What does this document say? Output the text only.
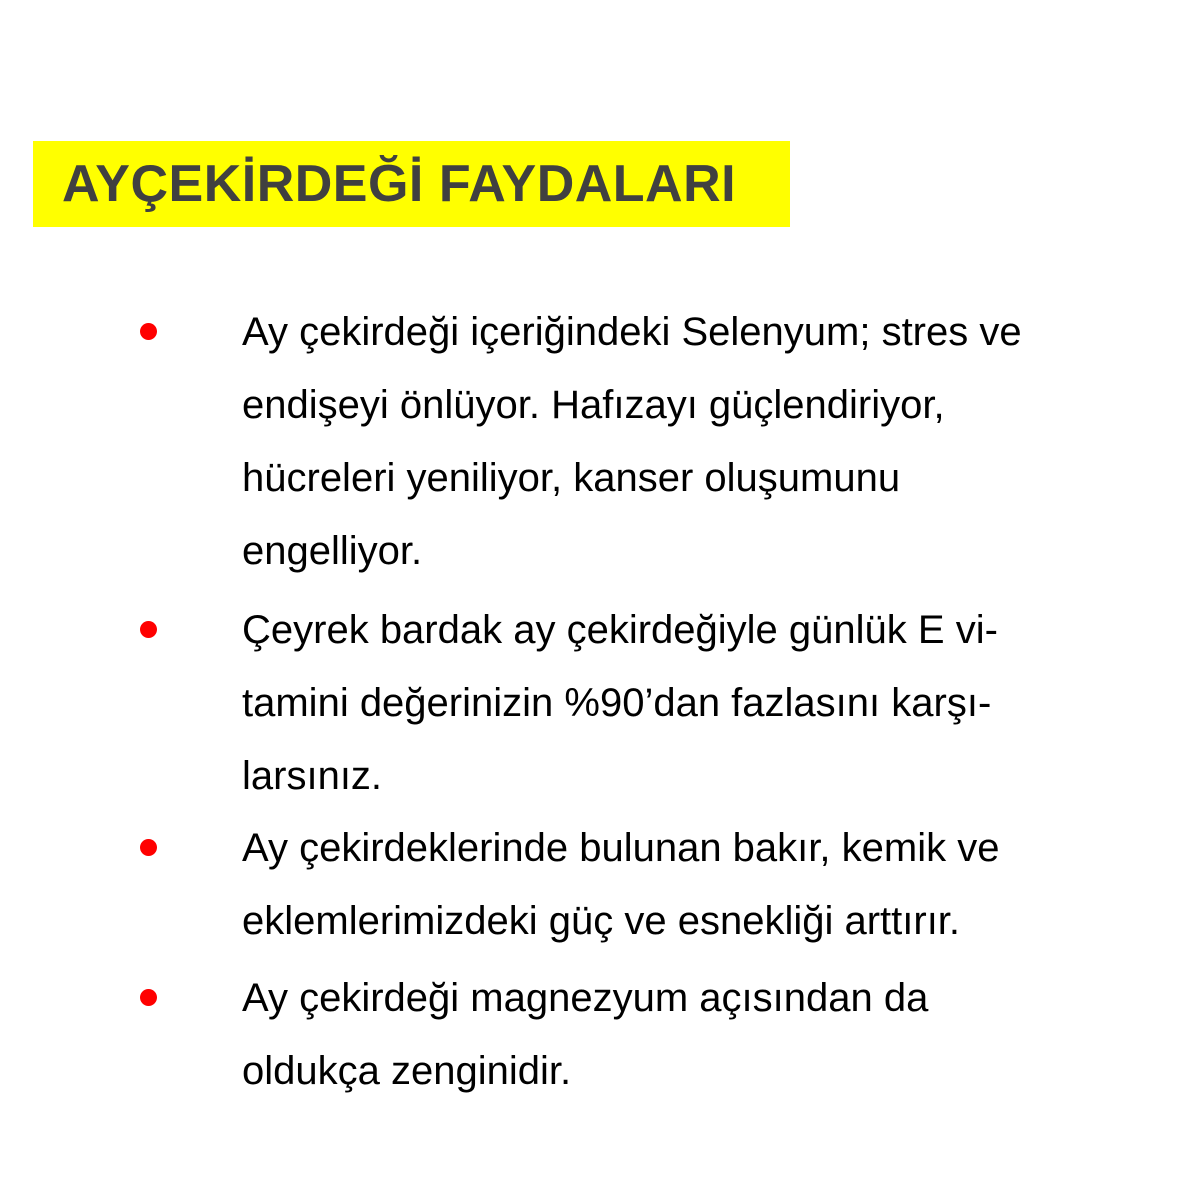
AYÇEKİRDEĞİ FAYDALARI

Ay çekirdeği içeriğindeki Selenyum; stres ve
endişeyi önlüyor. Hafızayı güçlendiriyor,
hücreleri yeniliyor, kanser oluşumunu
engelliyor.

Çeyrek bardak ay çekirdeğiyle günlük E vi-
tamini değerinizin %90’dan fazlasını karşı-
larsınız.

Ay çekirdeklerinde bulunan bakır, kemik ve
eklemlerimizdeki güç ve esnekliği arttırır.

Ay çekirdeği magnezyum açısından da
oldukça zenginidir.
